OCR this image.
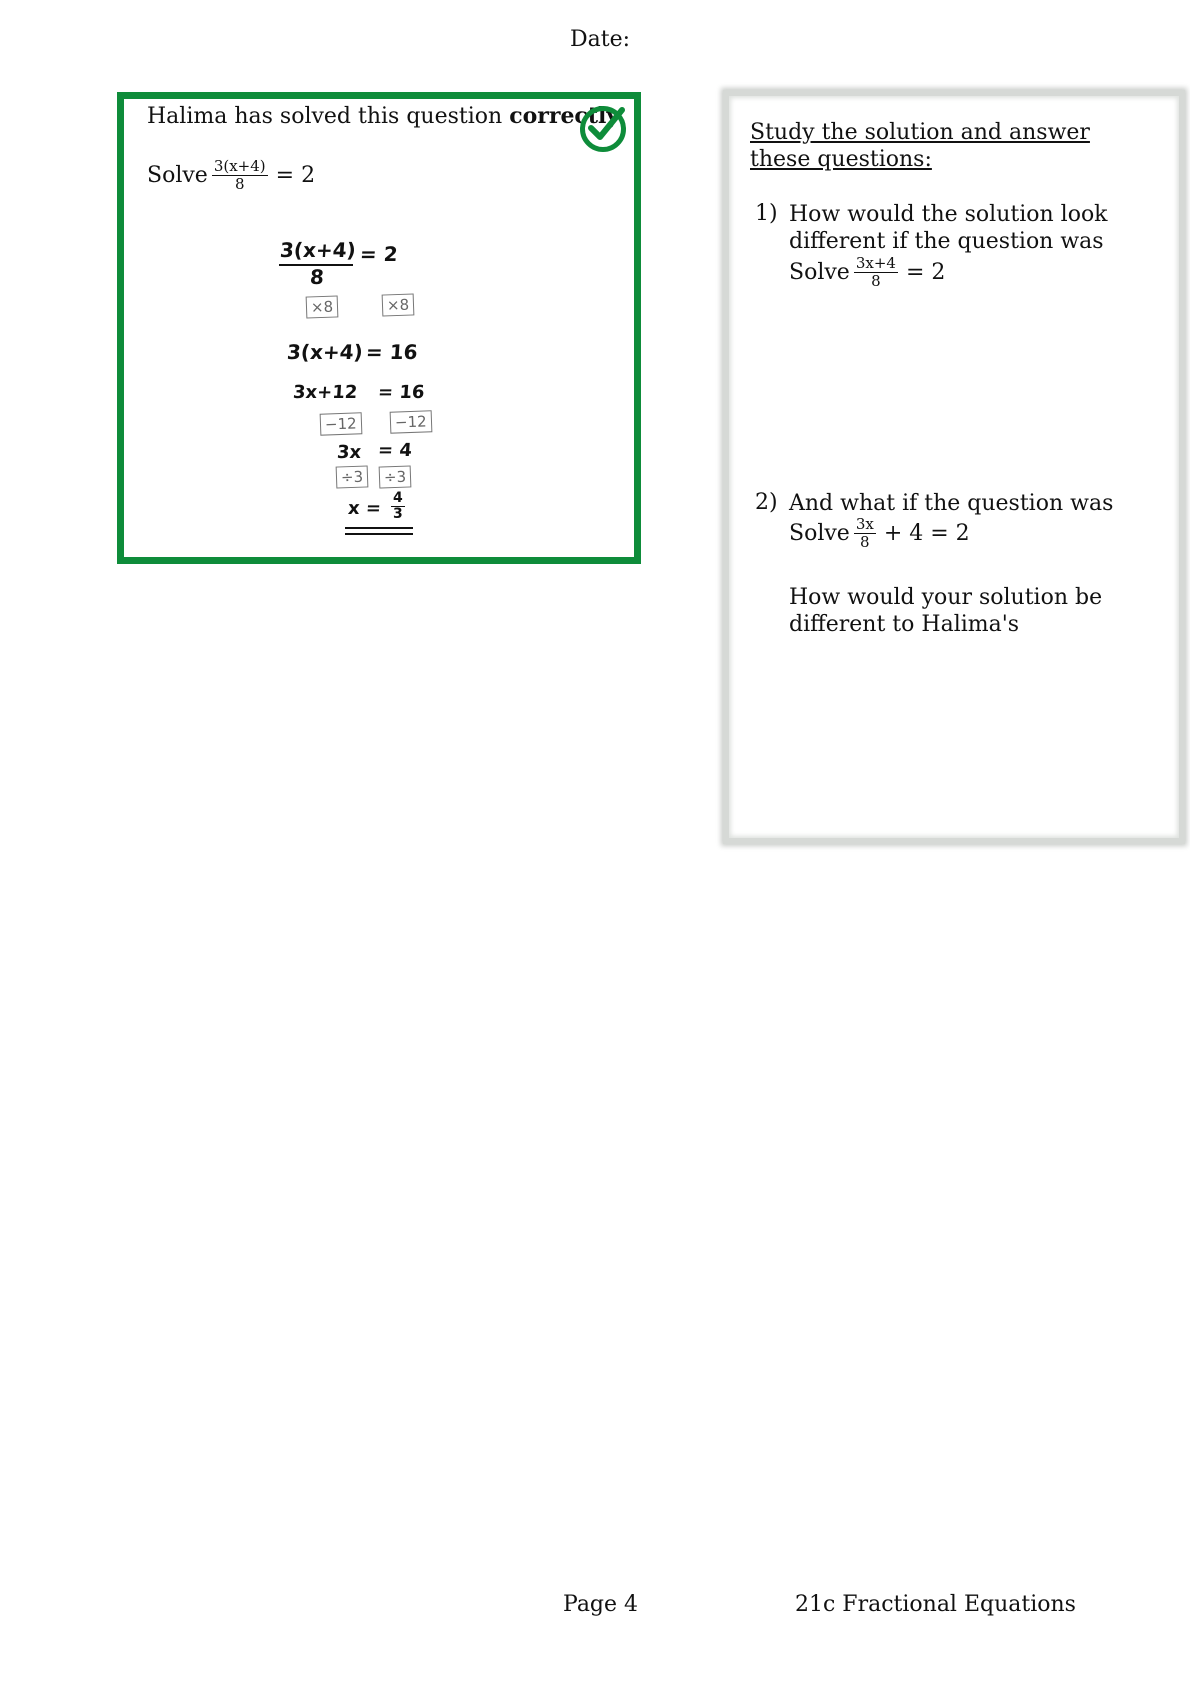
Date:
Halima has solved this question correctly
Solve $\frac{3(x+4)}{8} = 2$
3(x+4)
8
= 2
×8	×8
3(x+4) = 16
3x+12 = 16
−12	−12
3x = 4
÷3	÷3
$x = \frac{4}{3}$
Study the solution and answer these questions:
1) How would the solution look different if the question was
Solve $\frac{3x+4}{8} = 2$
2) And what if the question was
Solve $\frac{3x}{8} + 4 = 2$
How would your solution be different to Halima's
Page 4	21c Fractional Equations
